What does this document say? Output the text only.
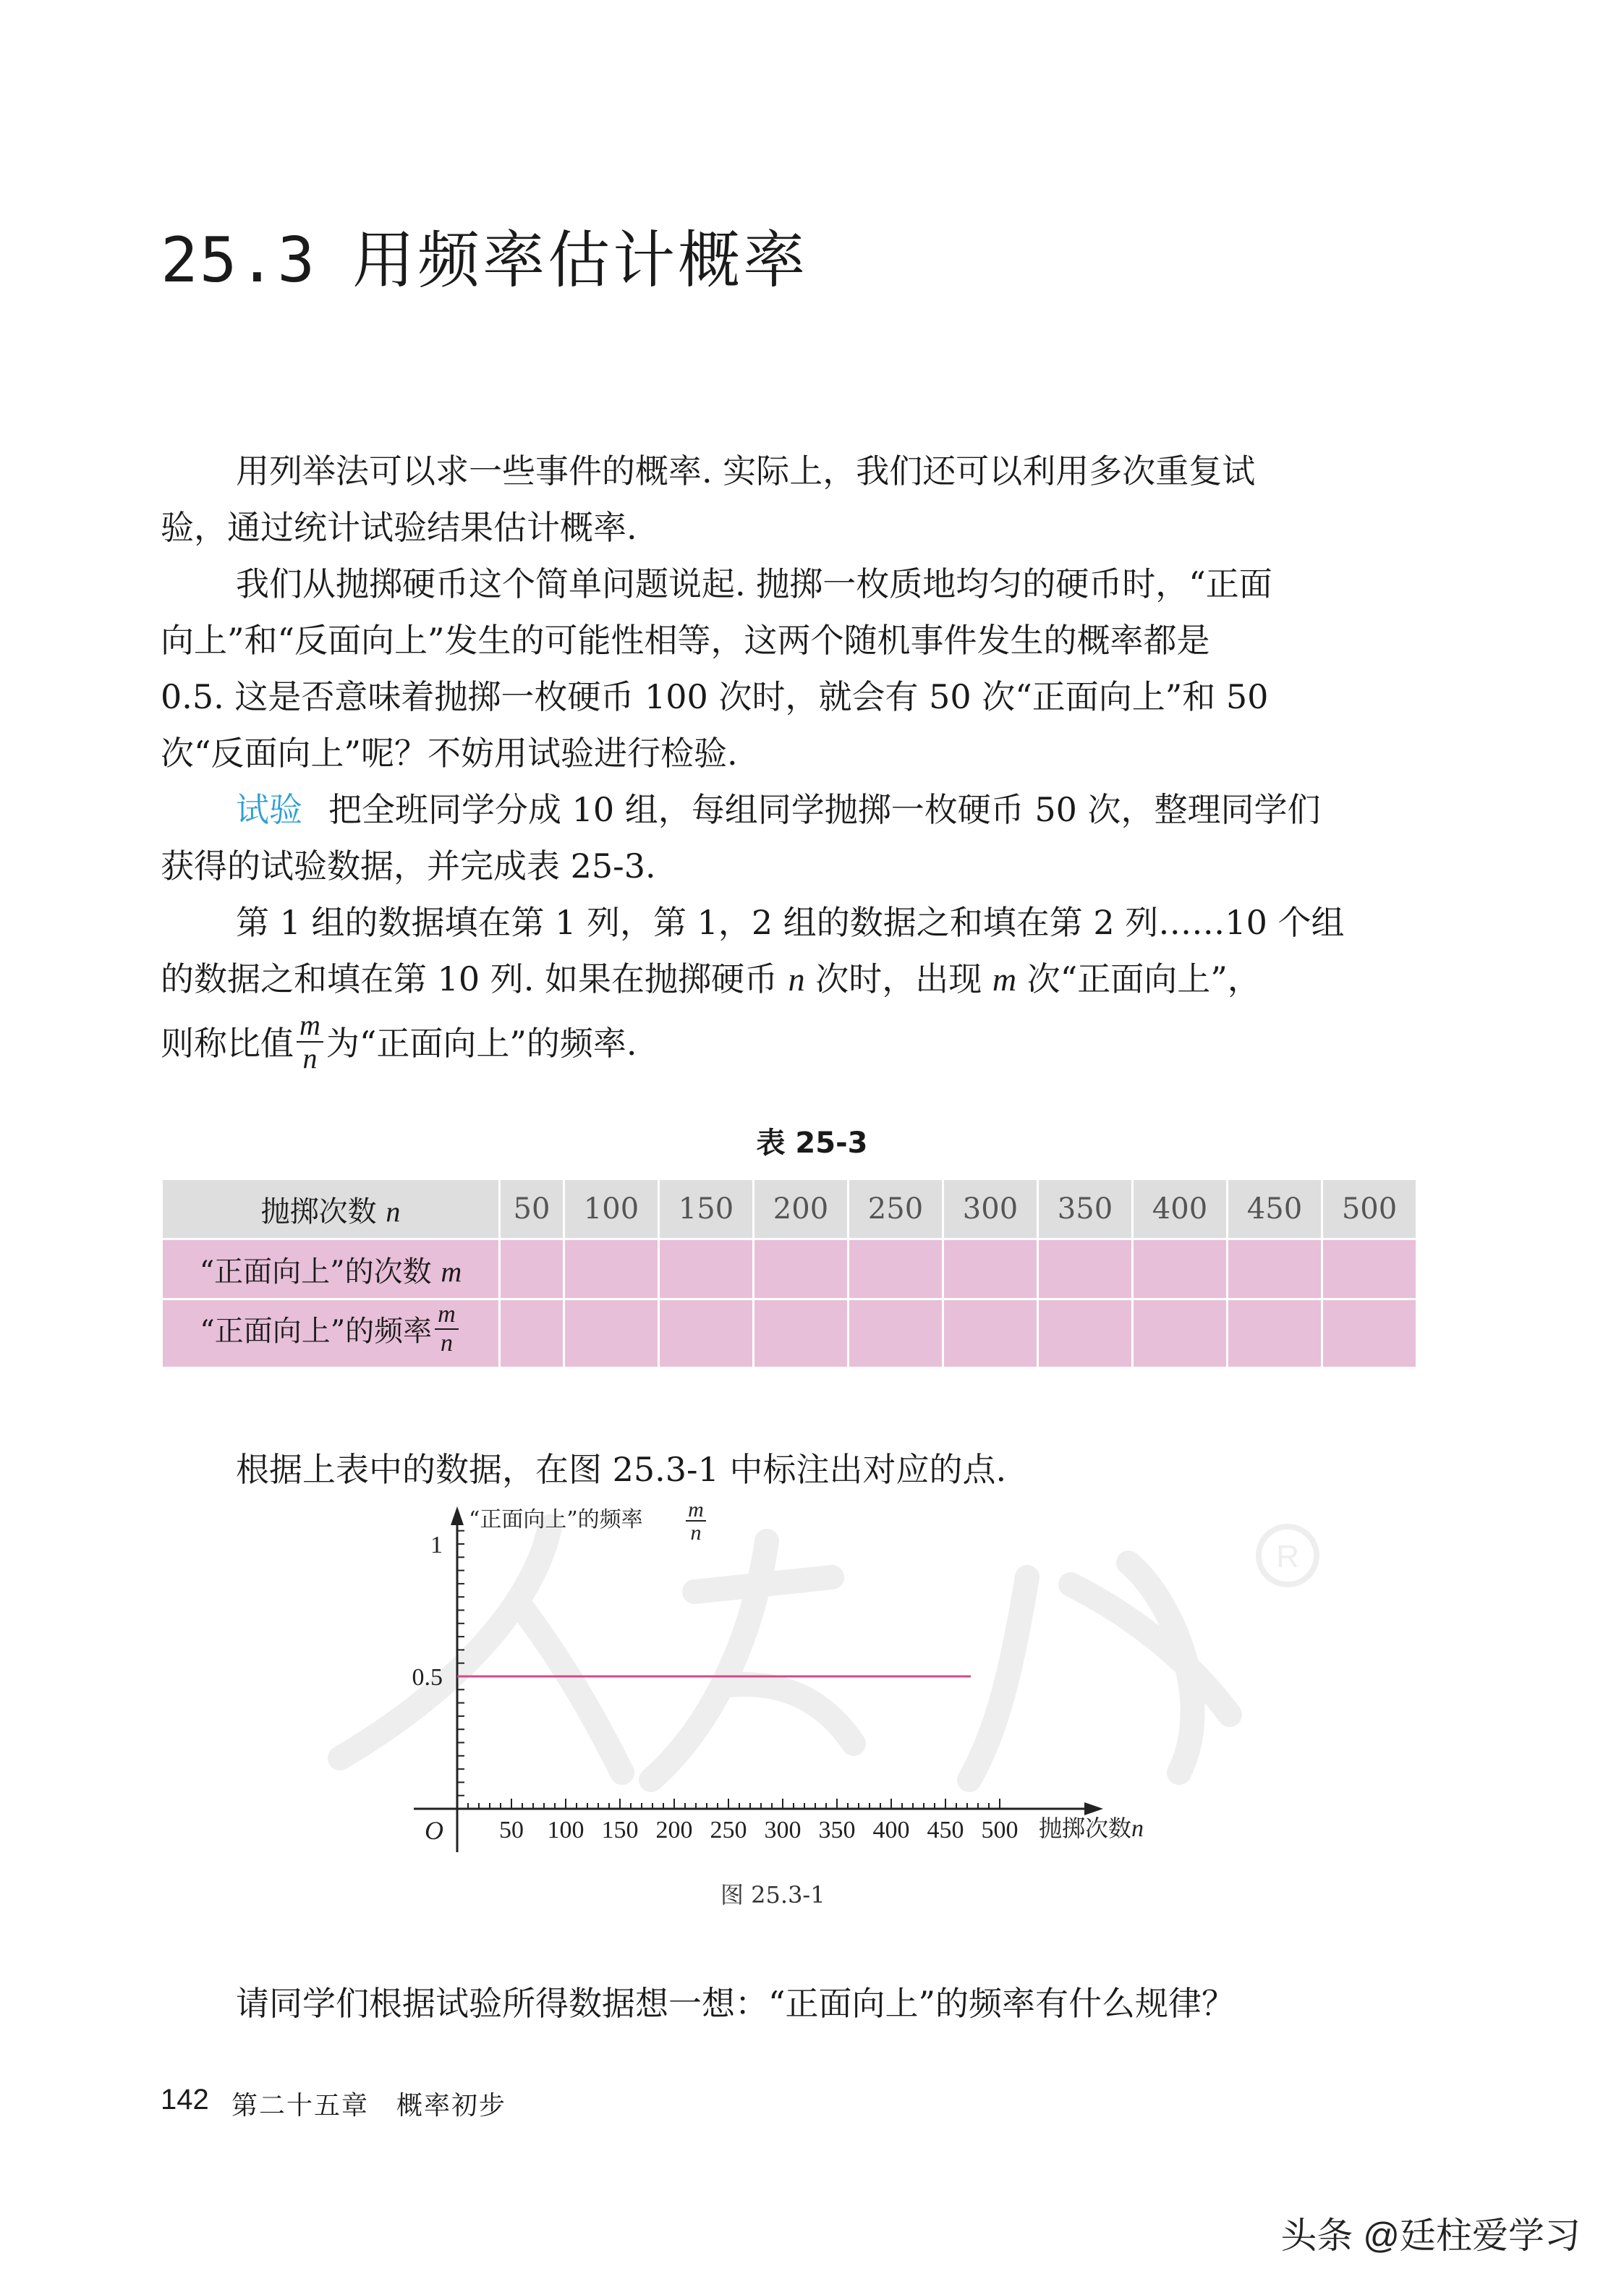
25.3 用频率估计概率
用列举法可以求一些事件的概率. 实际上，我们还可以利用多次重复试
验，通过统计试验结果估计概率.
我们从抛掷硬币这个简单问题说起. 抛掷一枚质地均匀的硬币时，“正面
向上”和“反面向上”发生的可能性相等，这两个随机事件发生的概率都是
0.5. 这是否意味着抛掷一枚硬币 100 次时，就会有 50 次“正面向上”和 50
次“反面向上”呢？不妨用试验进行检验.
试验 把全班同学分成 10 组，每组同学抛掷一枚硬币 50 次，整理同学们
获得的试验数据，并完成表 25-3.
第 1 组的数据填在第 1 列，第 1，2 组的数据之和填在第 2 列……10 个组
的数据之和填在第 10 列. 如果在抛掷硬币 n 次时，出现 m 次“正面向上”，
则称比值 $\frac{m}{n}$ 为“正面向上”的频率.
表 25-3
抛掷次数 n	50	100	150	200	250	300	350	400	450	500
“正面向上”的次数 m										
“正面向上”的频率 $\frac{m}{n}$

根据上表中的数据，在图 25.3-1 中标注出对应的点.
R
50 100 150 200 250 300 350 400 450 500
0.5
1
O	抛掷次数 n
“正面向上”的频率 m
n
图 25.3-1
请同学们根据试验所得数据想一想：“正面向上”的频率有什么规律？
142 第二十五章　概率初步
头条 @廷柱爱学习
